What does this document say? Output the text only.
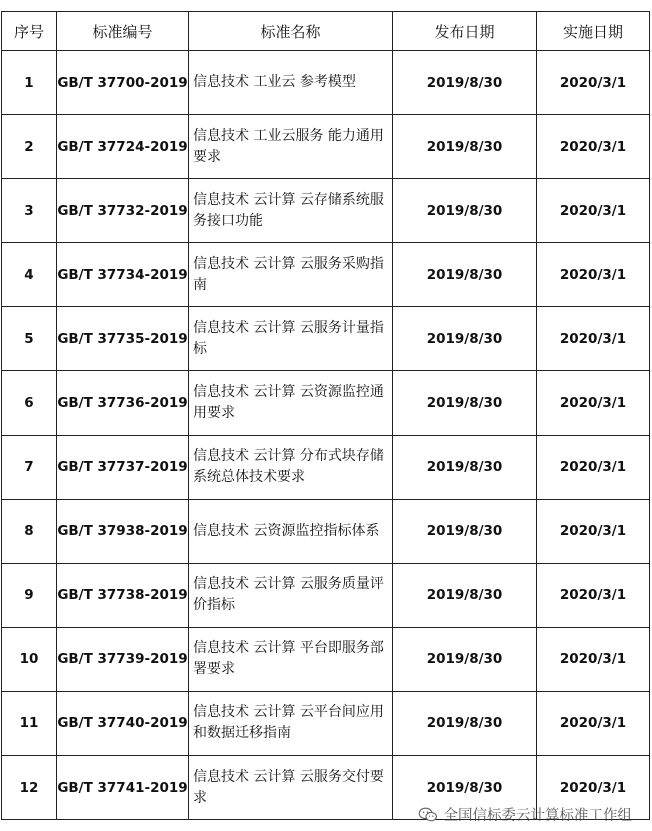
序号	标准编号	标准名称	发布日期	实施日期
1	GB/T 37700-2019	信息技术 工业云 参考模型	2019/8/30	2020/3/1
2	GB/T 37724-2019	信息技术 工业云服务 能力通用要求	2019/8/30	2020/3/1
3	GB/T 37732-2019	信息技术 云计算 云存储系统服务接口功能	2019/8/30	2020/3/1
4	GB/T 37734-2019	信息技术 云计算 云服务采购指南	2019/8/30	2020/3/1
5	GB/T 37735-2019	信息技术 云计算 云服务计量指标	2019/8/30	2020/3/1
6	GB/T 37736-2019	信息技术 云计算 云资源监控通用要求	2019/8/30	2020/3/1
7	GB/T 37737-2019	信息技术 云计算 分布式块存储系统总体技术要求	2019/8/30	2020/3/1
8	GB/T 37938-2019	信息技术 云资源监控指标体系	2019/8/30	2020/3/1
9	GB/T 37738-2019	信息技术 云计算 云服务质量评价指标	2019/8/30	2020/3/1
10	GB/T 37739-2019	信息技术 云计算 平台即服务部署要求	2019/8/30	2020/3/1
11	GB/T 37740-2019	信息技术 云计算 云平台间应用和数据迁移指南	2019/8/30	2020/3/1
12	GB/T 37741-2019	信息技术 云计算 云服务交付要求	2019/8/30	2020/3/1
全国信标委云计算标准工作组
